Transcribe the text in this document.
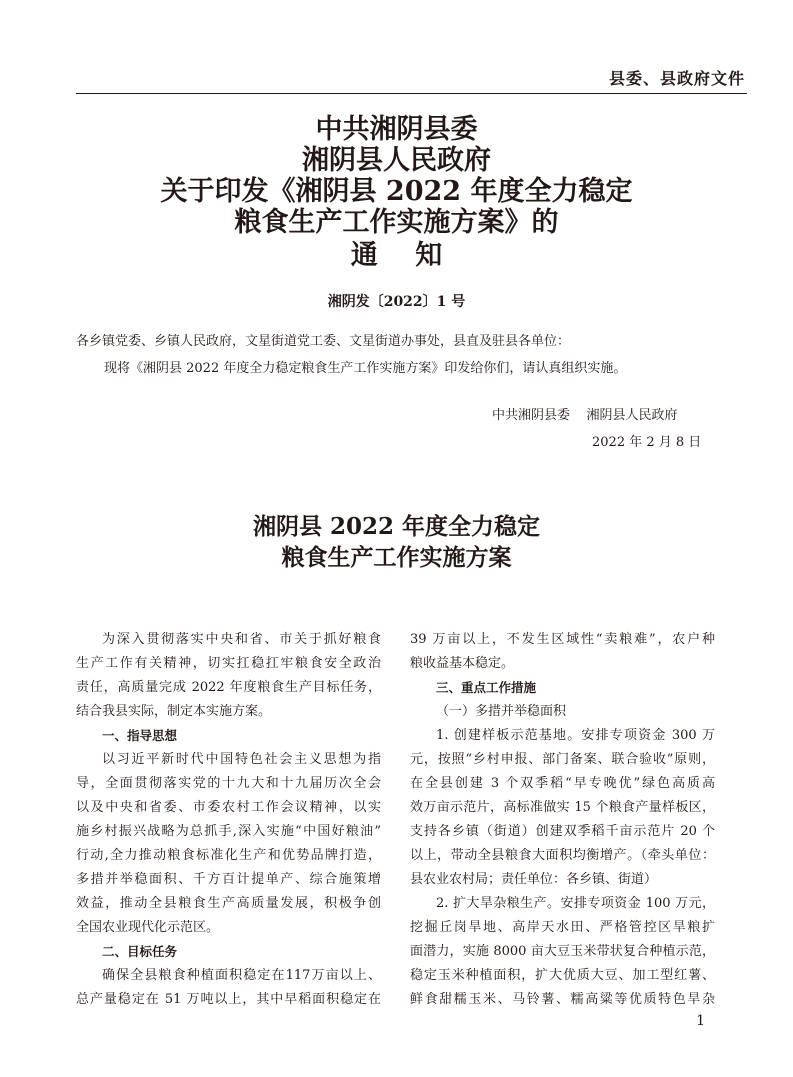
县委、县政府文件
中共湘阴县委
湘阴县人民政府
关于印发《湘阴县 2022 年度全力稳定
粮食生产工作实施方案》的
通    知
湘阴发〔2022〕1 号
各乡镇党委、乡镇人民政府，文星街道党工委、文星街道办事处，县直及驻县各单位：
现将《湘阴县 2022 年度全力稳定粮食生产工作实施方案》印发给你们，请认真组织实施。
中共湘阴县委    湘阴县人民政府
2022 年 2 月 8 日
湘阴县 2022 年度全力稳定
粮食生产工作实施方案

为深入贯彻落实中央和省、市关于抓好粮食

生产工作有关精神，切实扛稳扛牢粮食安全政治

责任，高质量完成 2022 年度粮食生产目标任务，

结合我县实际，制定本实施方案。

一、指导思想

以习近平新时代中国特色社会主义思想为指

导，全面贯彻落实党的十九大和十九届历次全会

以及中央和省委、市委农村工作会议精神，以实

施乡村振兴战略为总抓手,深入实施“中国好粮油”

行动,全力推动粮食标准化生产和优势品牌打造，

多措并举稳面积、千方百计提单产、综合施策增

效益，推动全县粮食生产高质量发展，积极争创

全国农业现代化示范区。

二、目标任务

确保全县粮食种植面积稳定在117万亩以上、

总产量稳定在 51 万吨以上，其中早稻面积稳定在

39 万亩以上，不发生区域性“卖粮难”，农户种

粮收益基本稳定。

三、重点工作措施
（一）多措并举稳面积

1. 创建样板示范基地。安排专项资金 300 万

元，按照“乡村申报、部门备案、联合验收”原则，

在全县创建 3 个双季稻“早专晚优”绿色高质高

效万亩示范片，高标准做实 15 个粮食产量样板区，

支持各乡镇（街道）创建双季稻千亩示范片 20 个

以上，带动全县粮食大面积均衡增产。（牵头单位：

县农业农村局；责任单位：各乡镇、街道）

2. 扩大旱杂粮生产。安排专项资金 100 万元，

挖掘丘岗旱地、高岸天水田、严格管控区旱粮扩

面潜力，实施 8000 亩大豆玉米带状复合种植示范，

稳定玉米种植面积，扩大优质大豆、加工型红薯、

鲜食甜糯玉米、马铃薯、糯高粱等优质特色旱杂

1
